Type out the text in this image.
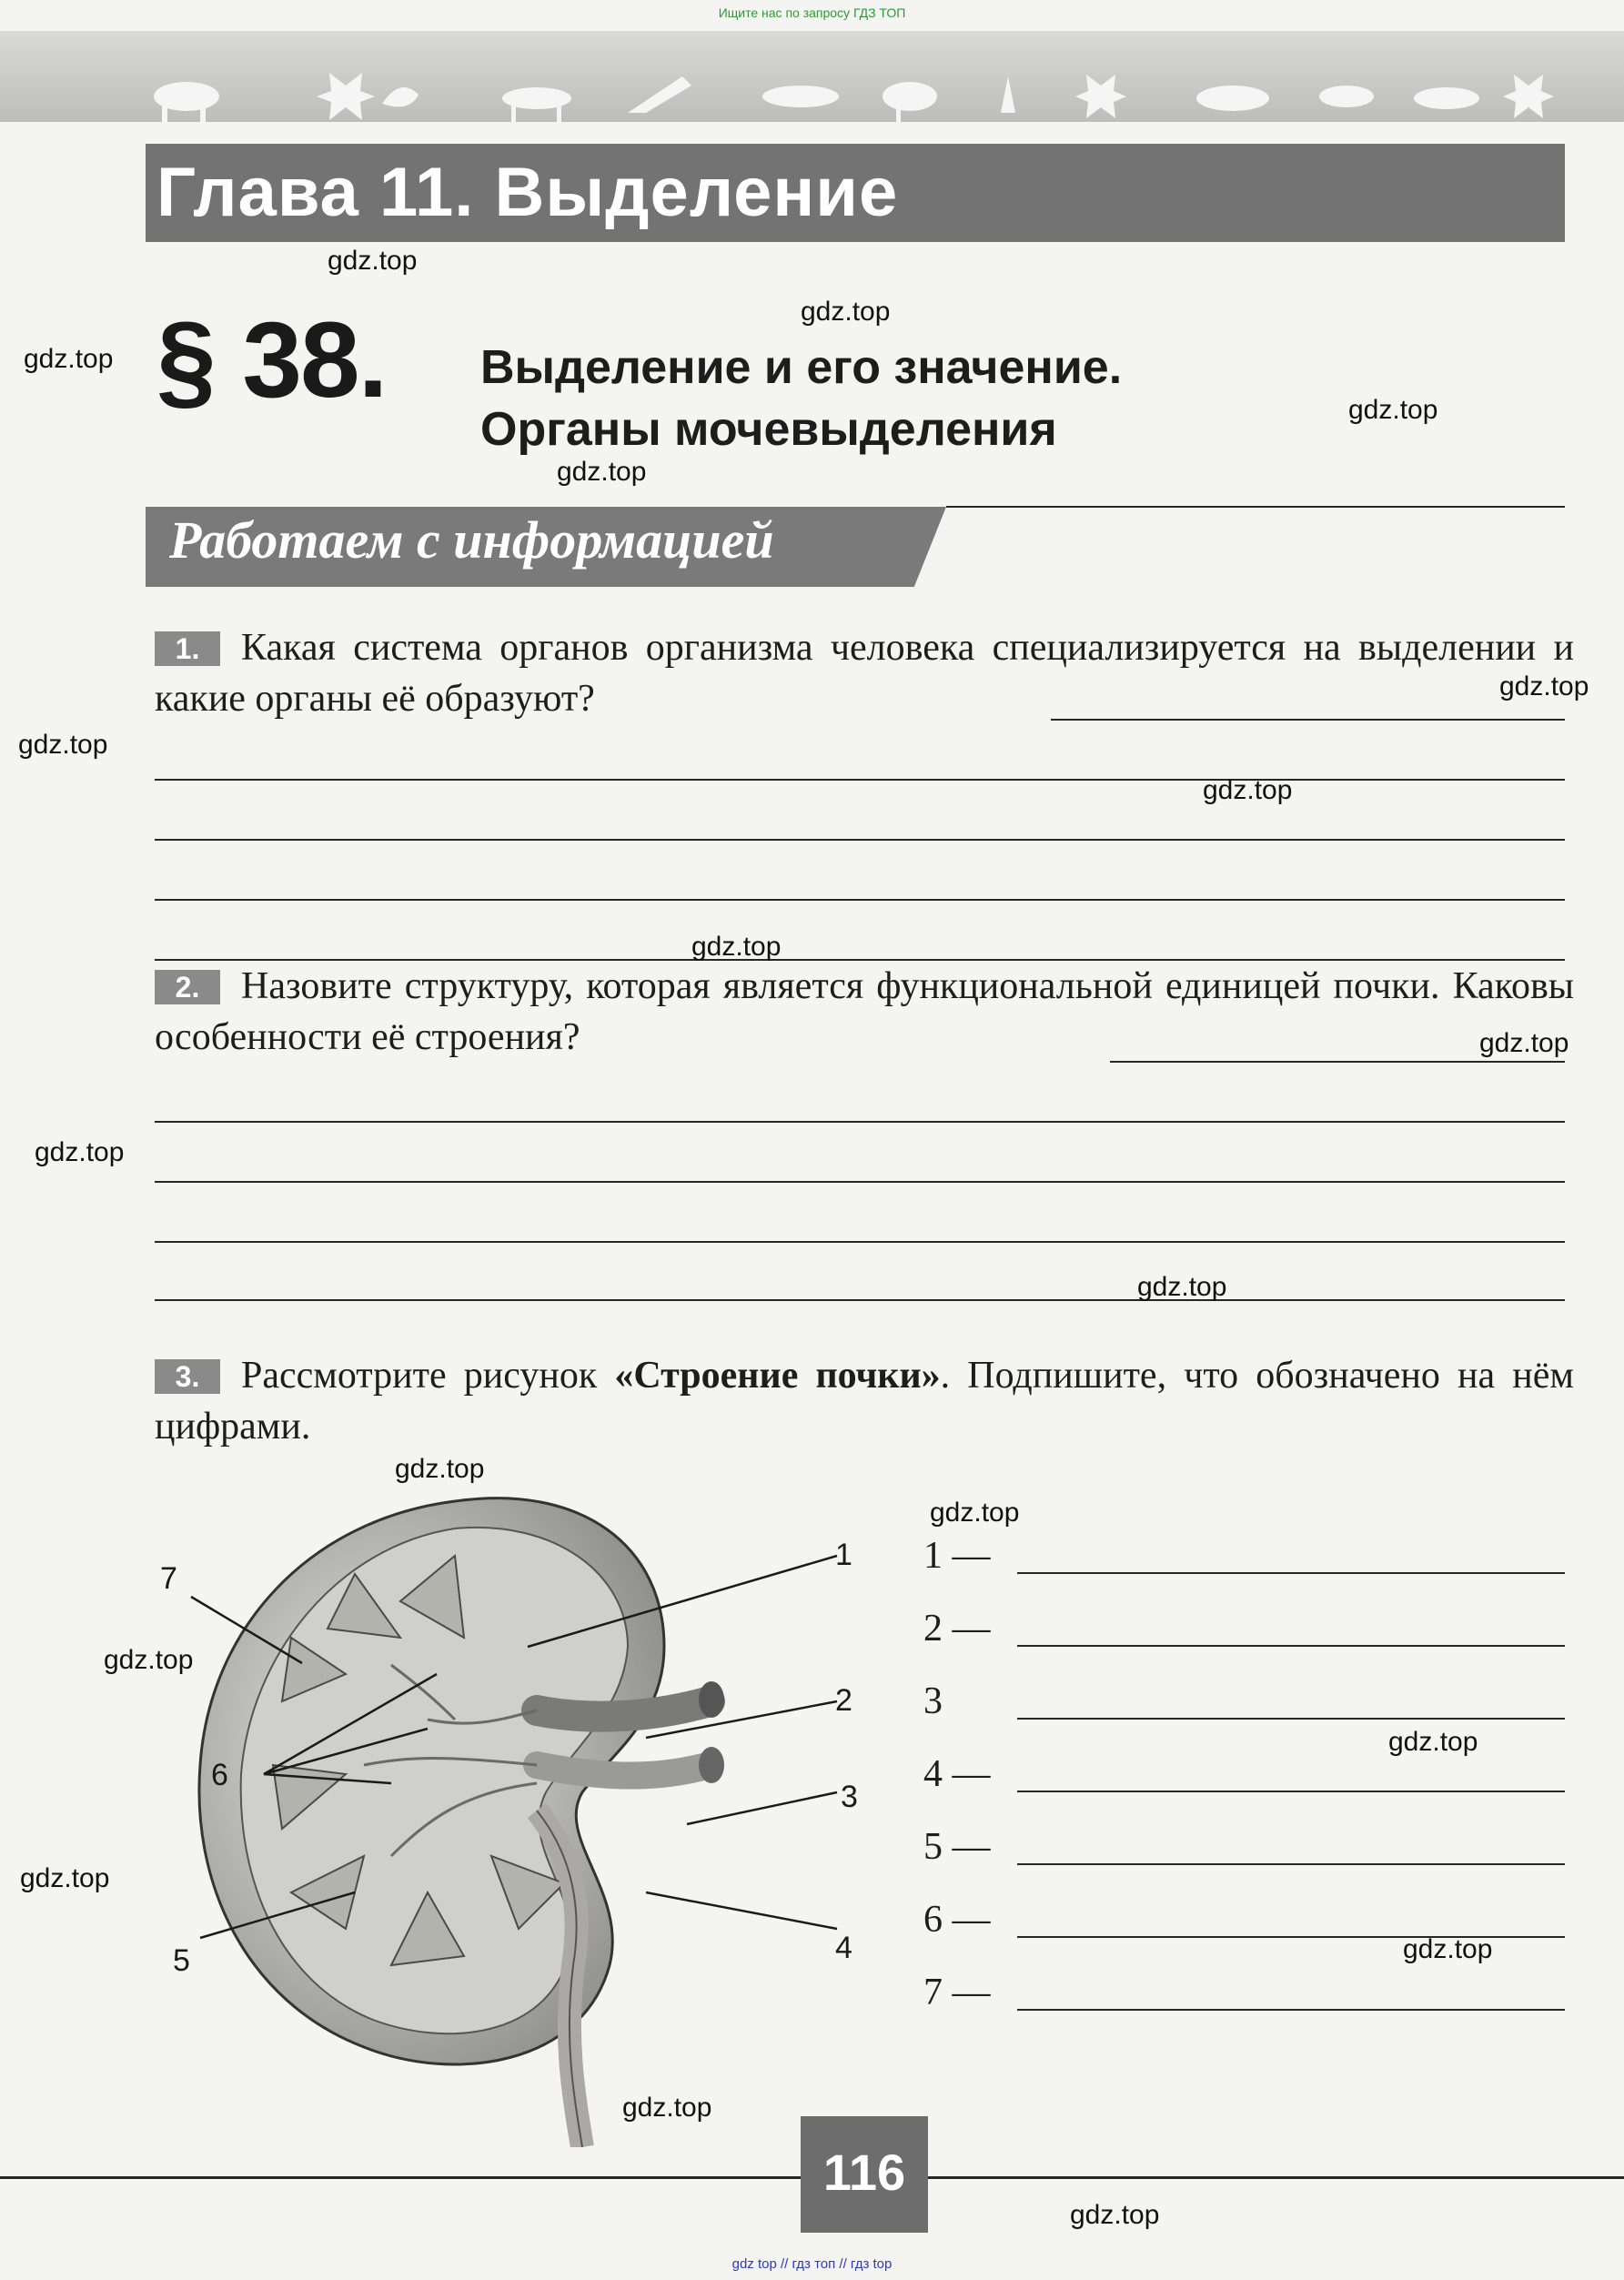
Ищите нас по запросу ГДЗ ТОП
Глава 11. Выделение
§ 38. Выделение и его значение.
Органы мочевыделения
Работаем с информацией
1.	Какая система органов организма человека специализируется на выделении и какие органы её образуют?
2.	Назовите структуру, которая является функциональной единицей почки. Каковы особенности её строения?
3.	Рассмотрите рисунок «Строение почки». Подпишите, что обозначено на нём цифрами.
1
2
3
4
5
6
7
1 —
2 —
3
4 —
5 —
6 —
7 —
116
gdz top // гдз топ // гдз top
gdz.top
gdz.top
gdz.top
gdz.top
gdz.top
gdz.top
gdz.top
gdz.top
gdz.top
gdz.top
gdz.top
gdz.top
gdz.top
gdz.top
gdz.top
gdz.top
gdz.top
gdz.top
gdz.top
gdz.top
